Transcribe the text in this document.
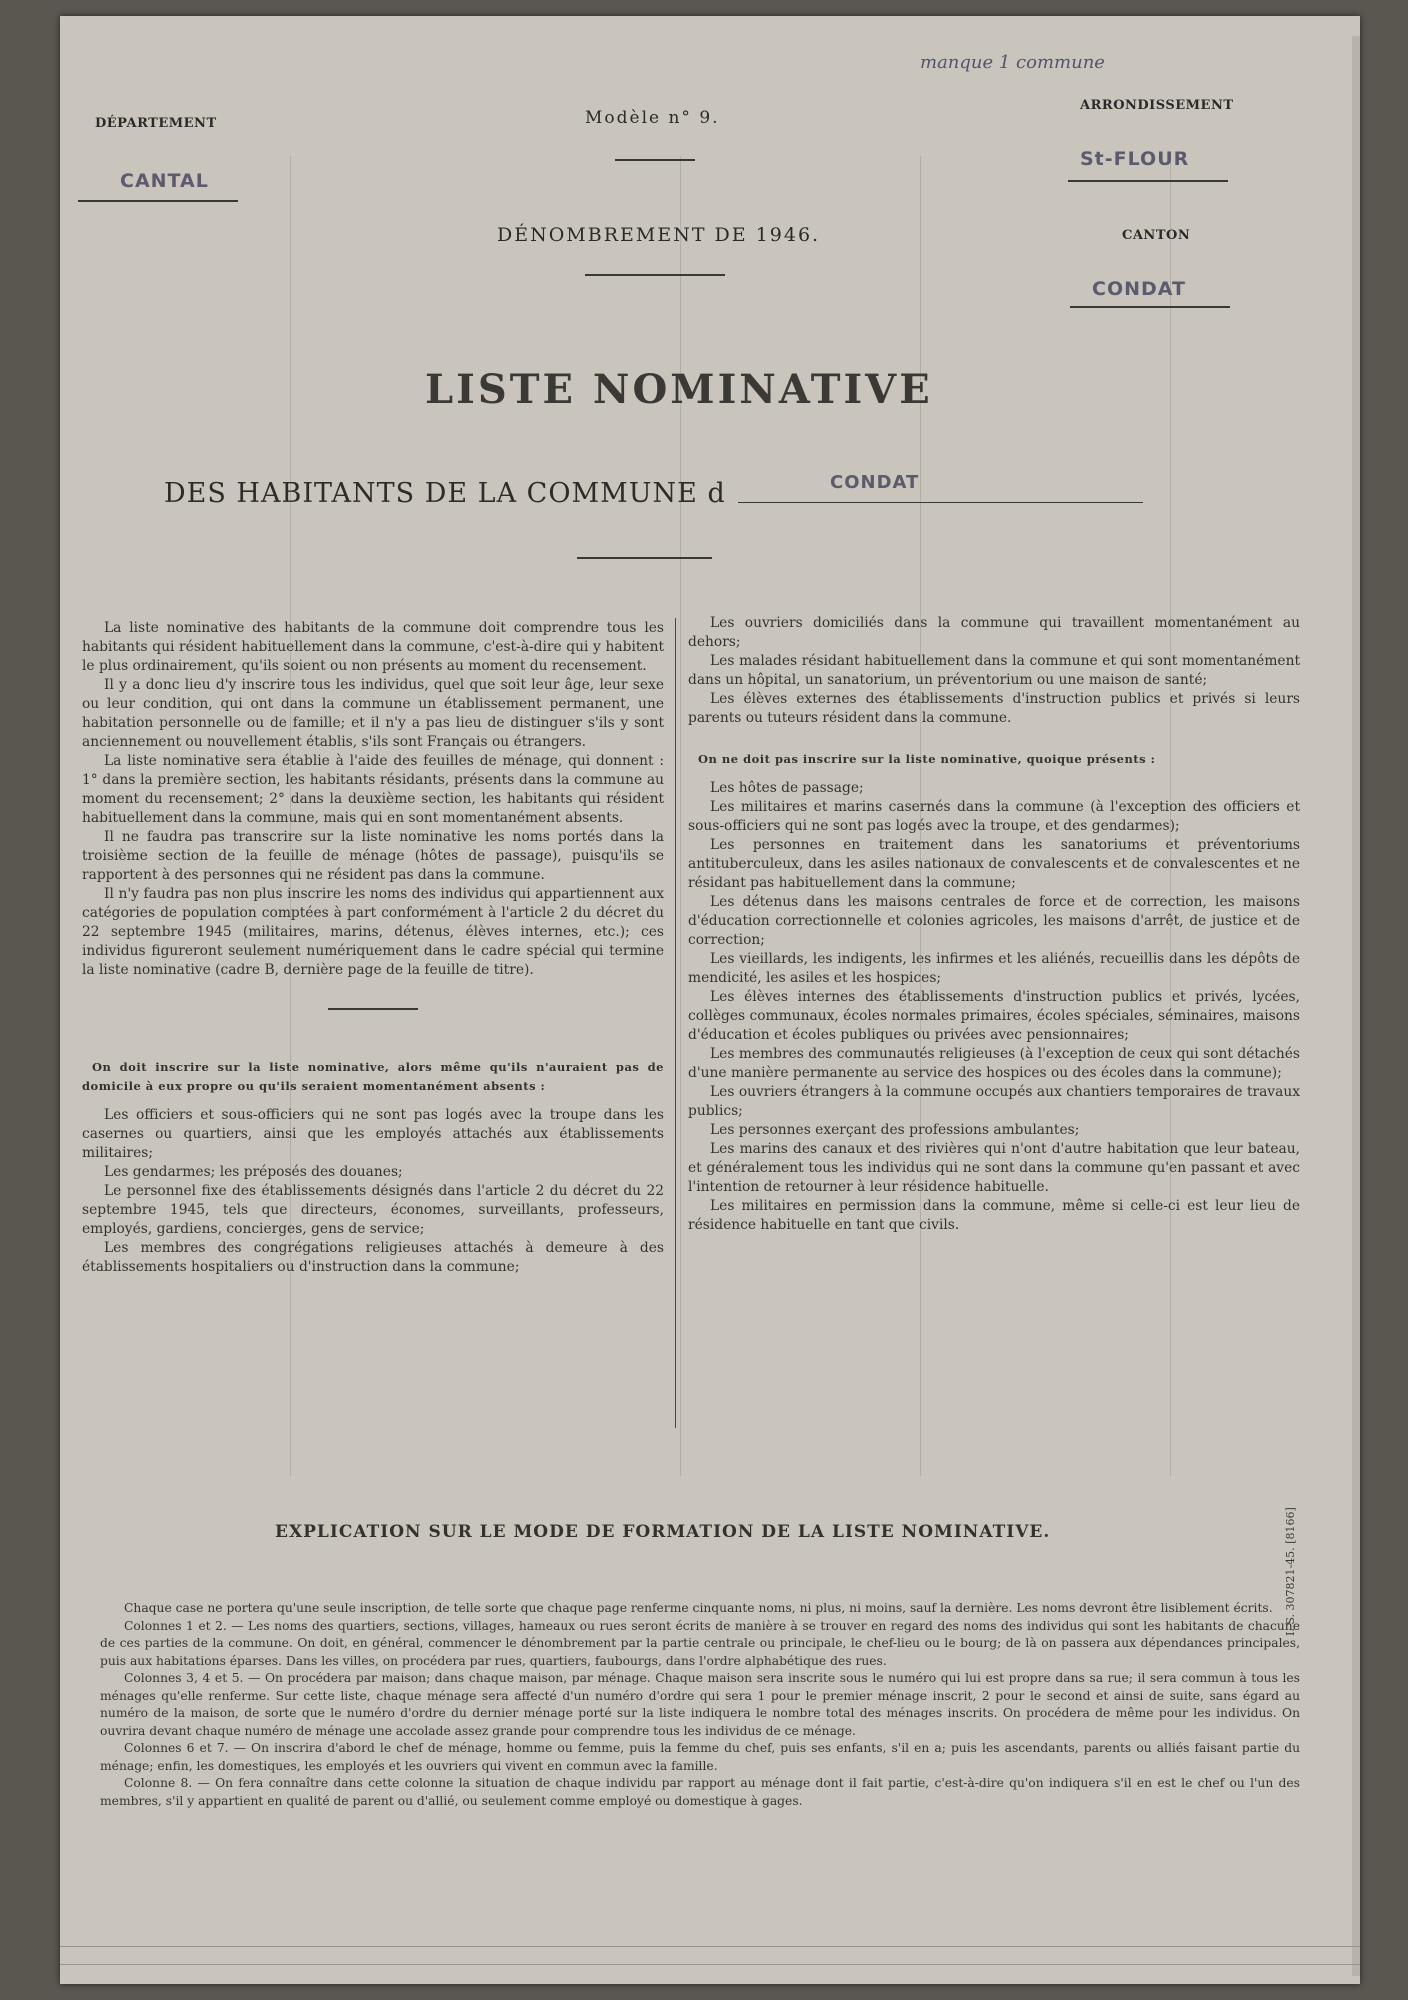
DÉPARTEMENT
CANTAL
Modèle n° 9.
manque 1 commune
ARRONDISSEMENT
St-FLOUR
CANTON
CONDAT
DÉNOMBREMENT DE 1946.
LISTE NOMINATIVE
DES HABITANTS DE LA COMMUNE d	CONDAT

La liste nominative des habitants de la commune doit comprendre tous les habitants qui résident habituellement dans la commune, c'est-à-dire qui y habitent le plus ordinairement, qu'ils soient ou non présents au moment du recensement.

Il y a donc lieu d'y inscrire tous les individus, quel que soit leur âge, leur sexe ou leur condition, qui ont dans la commune un établissement permanent, une habitation personnelle ou de famille; et il n'y a pas lieu de distinguer s'ils y sont anciennement ou nouvellement établis, s'ils sont Français ou étrangers.

La liste nominative sera établie à l'aide des feuilles de ménage, qui donnent : 1° dans la première section, les habitants résidants, présents dans la commune au moment du recensement; 2° dans la deuxième section, les habitants qui résident habituellement dans la commune, mais qui en sont momentanément absents.

Il ne faudra pas transcrire sur la liste nominative les noms portés dans la troisième section de la feuille de ménage (hôtes de passage), puisqu'ils se rapportent à des personnes qui ne résident pas dans la commune.

Il n'y faudra pas non plus inscrire les noms des individus qui appartiennent aux catégories de population comptées à part conformément à l'article 2 du décret du 22 septembre 1945 (militaires, marins, détenus, élèves internes, etc.); ces individus figureront seulement numériquement dans le cadre spécial qui termine la liste nominative (cadre B, dernière page de la feuille de titre).

On doit inscrire sur la liste nominative, alors même qu'ils n'auraient pas de domicile à eux propre ou qu'ils seraient momentanément absents :

Les officiers et sous-officiers qui ne sont pas logés avec la troupe dans les casernes ou quartiers, ainsi que les employés attachés aux établissements militaires;

Les gendarmes; les préposés des douanes;

Le personnel fixe des établissements désignés dans l'article 2 du décret du 22 septembre 1945, tels que directeurs, économes, surveillants, professeurs, employés, gardiens, concierges, gens de service;

Les membres des congrégations religieuses attachés à demeure à des établissements hospitaliers ou d'instruction dans la commune;

Les ouvriers domiciliés dans la commune qui travaillent momentanément au dehors;

Les malades résidant habituellement dans la commune et qui sont momentanément dans un hôpital, un sanatorium, un préventorium ou une maison de santé;

Les élèves externes des établissements d'instruction publics et privés si leurs parents ou tuteurs résident dans la commune.

On ne doit pas inscrire sur la liste nominative, quoique présents :

Les hôtes de passage;

Les militaires et marins casernés dans la commune (à l'exception des officiers et sous-officiers qui ne sont pas logés avec la troupe, et des gendarmes);

Les personnes en traitement dans les sanatoriums et préventoriums antituberculeux, dans les asiles nationaux de convalescents et de convalescentes et ne résidant pas habituellement dans la commune;

Les détenus dans les maisons centrales de force et de correction, les maisons d'éducation correctionnelle et colonies agricoles, les maisons d'arrêt, de justice et de correction;

Les vieillards, les indigents, les infirmes et les aliénés, recueillis dans les dépôts de mendicité, les asiles et les hospices;

Les élèves internes des établissements d'instruction publics et privés, lycées, collèges communaux, écoles normales primaires, écoles spéciales, séminaires, maisons d'éducation et écoles publiques ou privées avec pensionnaires;

Les membres des communautés religieuses (à l'exception de ceux qui sont détachés d'une manière permanente au service des hospices ou des écoles dans la commune);

Les ouvriers étrangers à la commune occupés aux chantiers temporaires de travaux publics;

Les personnes exerçant des professions ambulantes;

Les marins des canaux et des rivières qui n'ont d'autre habitation que leur bateau, et généralement tous les individus qui ne sont dans la commune qu'en passant et avec l'intention de retourner à leur résidence habituelle.

Les militaires en permission dans la commune, même si celle-ci est leur lieu de résidence habituelle en tant que civils.

EXPLICATION SUR LE MODE DE FORMATION DE LA LISTE NOMINATIVE.

Chaque case ne portera qu'une seule inscription, de telle sorte que chaque page renferme cinquante noms, ni plus, ni moins, sauf la dernière. Les noms devront être lisiblement écrits.

Colonnes 1 et 2. — Les noms des quartiers, sections, villages, hameaux ou rues seront écrits de manière à se trouver en regard des noms des individus qui sont les habitants de chacune de ces parties de la commune. On doit, en général, commencer le dénombrement par la partie centrale ou principale, le chef-lieu ou le bourg; de là on passera aux dépendances principales, puis aux habitations éparses. Dans les villes, on procédera par rues, quartiers, faubourgs, dans l'ordre alphabétique des rues.

Colonnes 3, 4 et 5. — On procédera par maison; dans chaque maison, par ménage. Chaque maison sera inscrite sous le numéro qui lui est propre dans sa rue; il sera commun à tous les ménages qu'elle renferme. Sur cette liste, chaque ménage sera affecté d'un numéro d'ordre qui sera 1 pour le premier ménage inscrit, 2 pour le second et ainsi de suite, sans égard au numéro de la maison, de sorte que le numéro d'ordre du dernier ménage porté sur la liste indiquera le nombre total des ménages inscrits. On procédera de même pour les individus. On ouvrira devant chaque numéro de ménage une accolade assez grande pour comprendre tous les individus de ce ménage.

Colonnes 6 et 7. — On inscrira d'abord le chef de ménage, homme ou femme, puis la femme du chef, puis ses enfants, s'il en a; puis les ascendants, parents ou alliés faisant partie du ménage; enfin, les domestiques, les employés et les ouvriers qui vivent en commun avec la famille.

Colonne 8. — On fera connaître dans cette colonne la situation de chaque individu par rapport au ménage dont il fait partie, c'est-à-dire qu'on indiquera s'il en est le chef ou l'un des membres, s'il y appartient en qualité de parent ou d'allié, ou seulement comme employé ou domestique à gages.

I. S. 307821-45. [8166]
